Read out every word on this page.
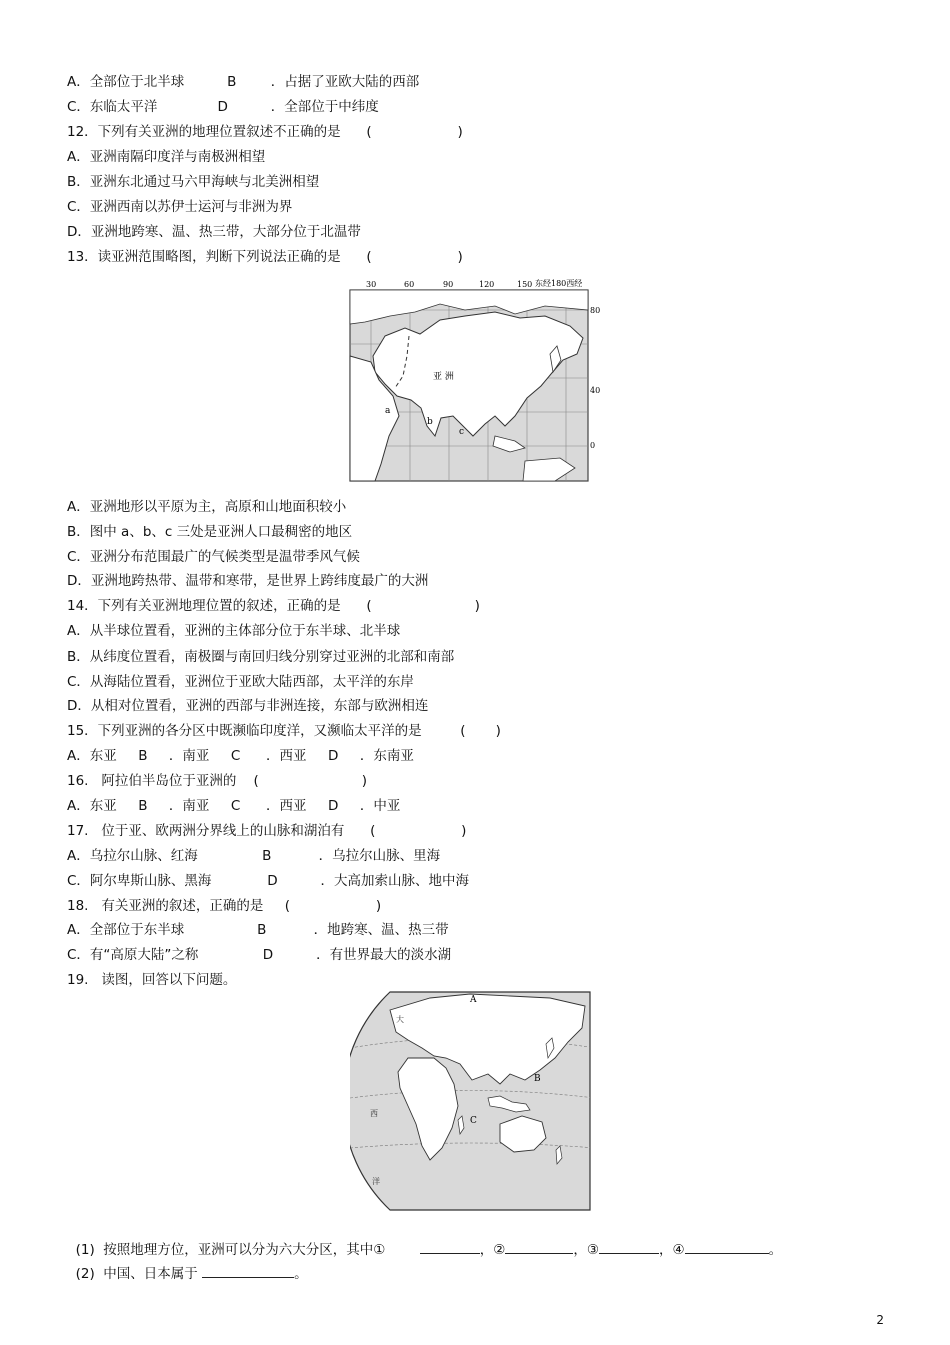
A．全部位于北半球          B        ．占据了亚欧大陆的西部
C．东临太平洋              D          ．全部位于中纬度
12．下列有关亚洲的地理位置叙述不正确的是      (                    )
A．亚洲南隔印度洋与南极洲相望
B．亚洲东北通过马六甲海峡与北美洲相望
C．亚洲西南以苏伊士运河与非洲为界
D．亚洲地跨寒、温、热三带，大部分位于北温带
13．读亚洲范围略图，判断下列说法正确的是      (                    )
30	60	90	120	150 东经180西经
80
40
0
亚 洲
a
b
c
A．亚洲地形以平原为主，高原和山地面积较小
B．图中 a、b、c 三处是亚洲人口最稠密的地区
C．亚洲分布范围最广的气候类型是温带季风气候
D．亚洲地跨热带、温带和寒带，是世界上跨纬度最广的大洲
14．下列有关亚洲地理位置的叙述，正确的是      (                        )
A．从半球位置看，亚洲的主体部分位于东半球、北半球
B．从纬度位置看，南极圈与南回归线分别穿过亚洲的北部和南部
C．从海陆位置看，亚洲位于亚欧大陆西部，太平洋的东岸
D．从相对位置看，亚洲的西部与非洲连接，东部与欧洲相连
15．下列亚洲的各分区中既濒临印度洋，又濒临太平洋的是         (       )
A．东亚     B     ．南亚     C      ．西亚     D     ．东南亚
16.   阿拉伯半岛位于亚洲的    (                        )
A．东亚     B     ．南亚     C      ．西亚     D     ．中亚
17.   位于亚、欧两洲分界线上的山脉和湖泊有      (                    )
A．乌拉尔山脉、红海               B           ．乌拉尔山脉、里海
C．阿尔卑斯山脉、黑海             D          ．大高加索山脉、地中海
18.   有关亚洲的叙述，正确的是     (                    )
A．全部位于东半球                 B           ．地跨寒、温、热三带
C．有“高原大陆”之称               D          ．有世界最大的淡水湖
19.   读图，回答以下问题。
A
B
C
大
西
洋

(1)  按照地理方位，亚洲可以分为六大分区，其中①	，②	，③	，④	。

(2)  中国、日本属于	。

2
